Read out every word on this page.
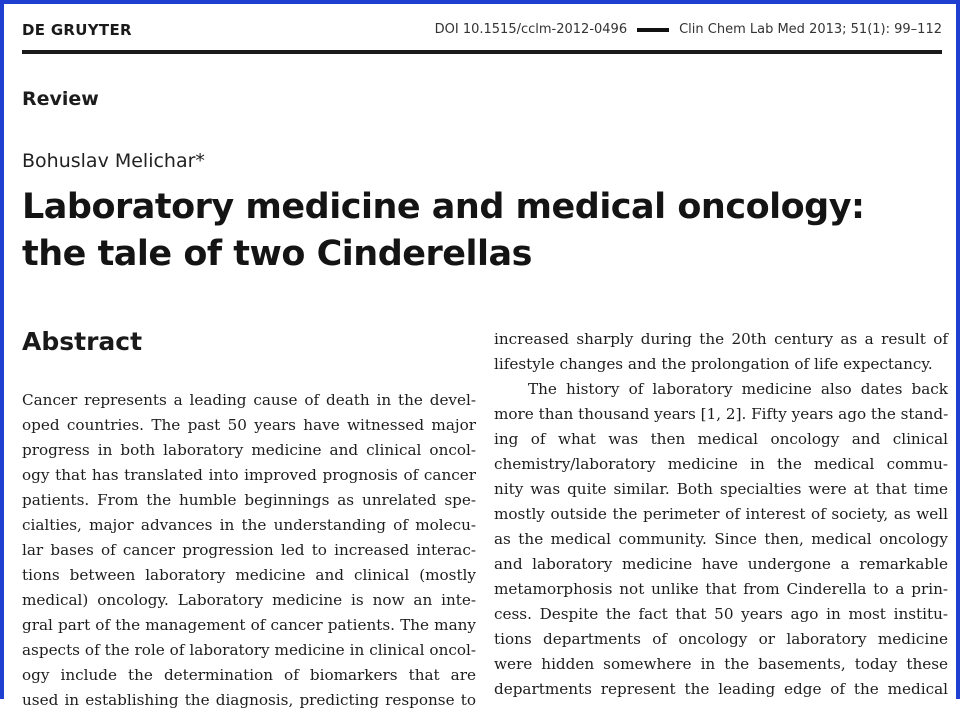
DE GRUYTER	DOI 10.1515/cclm-2012-0496	Clin Chem Lab Med 2013; 51(1): 99–112
Review
Bohuslav Melichar*
Laboratory medicine and medical oncology:
the tale of two Cinderellas
Abstract
Cancer represents a leading cause of death in the devel-
oped countries. The past 50 years have witnessed major
progress in both laboratory medicine and clinical oncol-
ogy that has translated into improved prognosis of cancer
patients. From the humble beginnings as unrelated spe-
cialties, major advances in the understanding of molecu-
lar bases of cancer progression led to increased interac-
tions between laboratory medicine and clinical (mostly
medical) oncology. Laboratory medicine is now an inte-
gral part of the management of cancer patients. The many
aspects of the role of laboratory medicine in clinical oncol-
ogy include the determination of biomarkers that are
used in establishing the diagnosis, predicting response to
increased sharply during the 20th century as a result of
lifestyle changes and the prolongation of life expectancy.
The history of laboratory medicine also dates back
more than thousand years [1, 2]. Fifty years ago the stand-
ing of what was then medical oncology and clinical
chemistry/laboratory medicine in the medical commu-
nity was quite similar. Both specialties were at that time
mostly outside the perimeter of interest of society, as well
as the medical community. Since then, medical oncology
and laboratory medicine have undergone a remarkable
metamorphosis not unlike that from Cinderella to a prin-
cess. Despite the fact that 50 years ago in most institu-
tions departments of oncology or laboratory medicine
were hidden somewhere in the basements, today these
departments represent the leading edge of the medical
